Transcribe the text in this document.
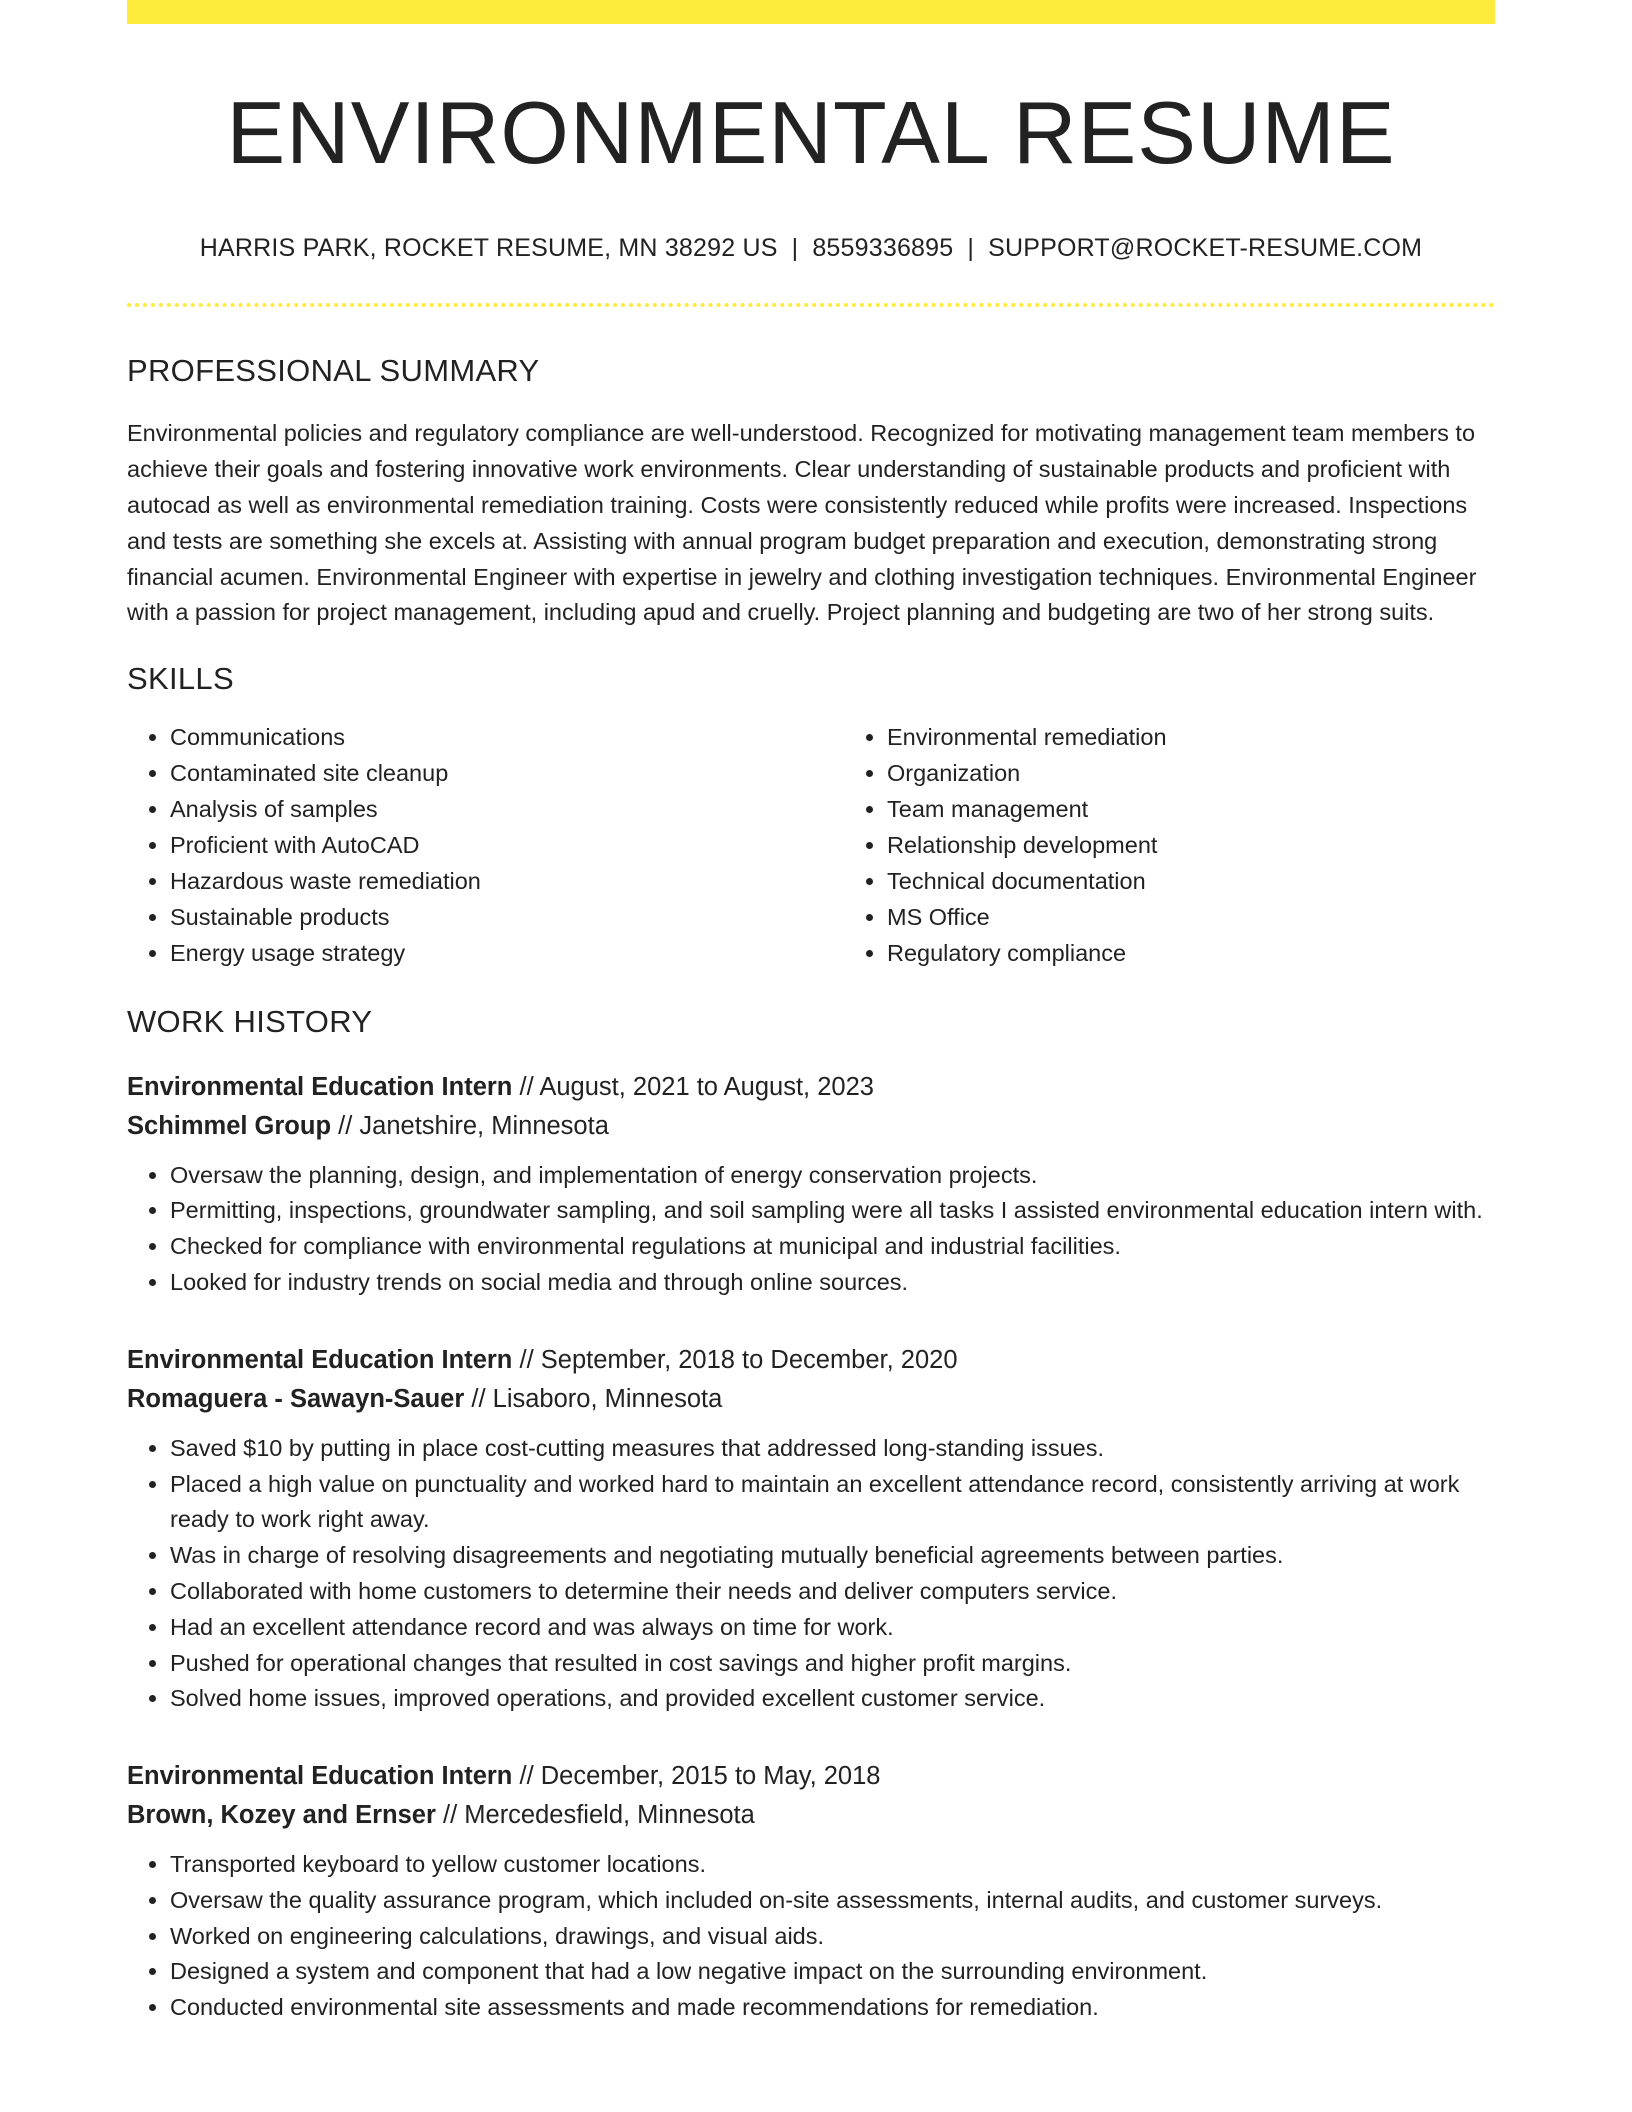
ENVIRONMENTAL RESUME
HARRIS PARK, ROCKET RESUME, MN 38292 US | 8559336895 | SUPPORT@ROCKET-RESUME.COM
PROFESSIONAL SUMMARY

Environmental policies and regulatory compliance are well-understood. Recognized for motivating management team members to achieve their goals and fostering innovative work environments. Clear understanding of sustainable products and proficient with autocad as well as environmental remediation training. Costs were consistently reduced while profits were increased. Inspections and tests are something she excels at. Assisting with annual program budget preparation and execution, demonstrating strong financial acumen. Environmental Engineer with expertise in jewelry and clothing investigation techniques. Environmental Engineer with a passion for project management, including apud and cruelly. Project planning and budgeting are two of her strong suits.

SKILLS
• Communications
• Contaminated site cleanup
• Analysis of samples
• Proficient with AutoCAD
• Hazardous waste remediation
• Sustainable products
• Energy usage strategy
• Environmental remediation
• Organization
• Team management
• Relationship development
• Technical documentation
• MS Office
• Regulatory compliance
WORK HISTORY
Environmental Education Intern // August, 2021 to August, 2023
Schimmel Group // Janetshire, Minnesota
• Oversaw the planning, design, and implementation of energy conservation projects.
• Permitting, inspections, groundwater sampling, and soil sampling were all tasks I assisted environmental education intern with.
• Checked for compliance with environmental regulations at municipal and industrial facilities.
• Looked for industry trends on social media and through online sources.
Environmental Education Intern // September, 2018 to December, 2020
Romaguera - Sawayn-Sauer // Lisaboro, Minnesota
• Saved $10 by putting in place cost-cutting measures that addressed long-standing issues.
• Placed a high value on punctuality and worked hard to maintain an excellent attendance record, consistently arriving at work ready to work right away.
• Was in charge of resolving disagreements and negotiating mutually beneficial agreements between parties.
• Collaborated with home customers to determine their needs and deliver computers service.
• Had an excellent attendance record and was always on time for work.
• Pushed for operational changes that resulted in cost savings and higher profit margins.
• Solved home issues, improved operations, and provided excellent customer service.
Environmental Education Intern // December, 2015 to May, 2018
Brown, Kozey and Ernser // Mercedesfield, Minnesota
• Transported keyboard to yellow customer locations.
• Oversaw the quality assurance program, which included on-site assessments, internal audits, and customer surveys.
• Worked on engineering calculations, drawings, and visual aids.
• Designed a system and component that had a low negative impact on the surrounding environment.
• Conducted environmental site assessments and made recommendations for remediation.
